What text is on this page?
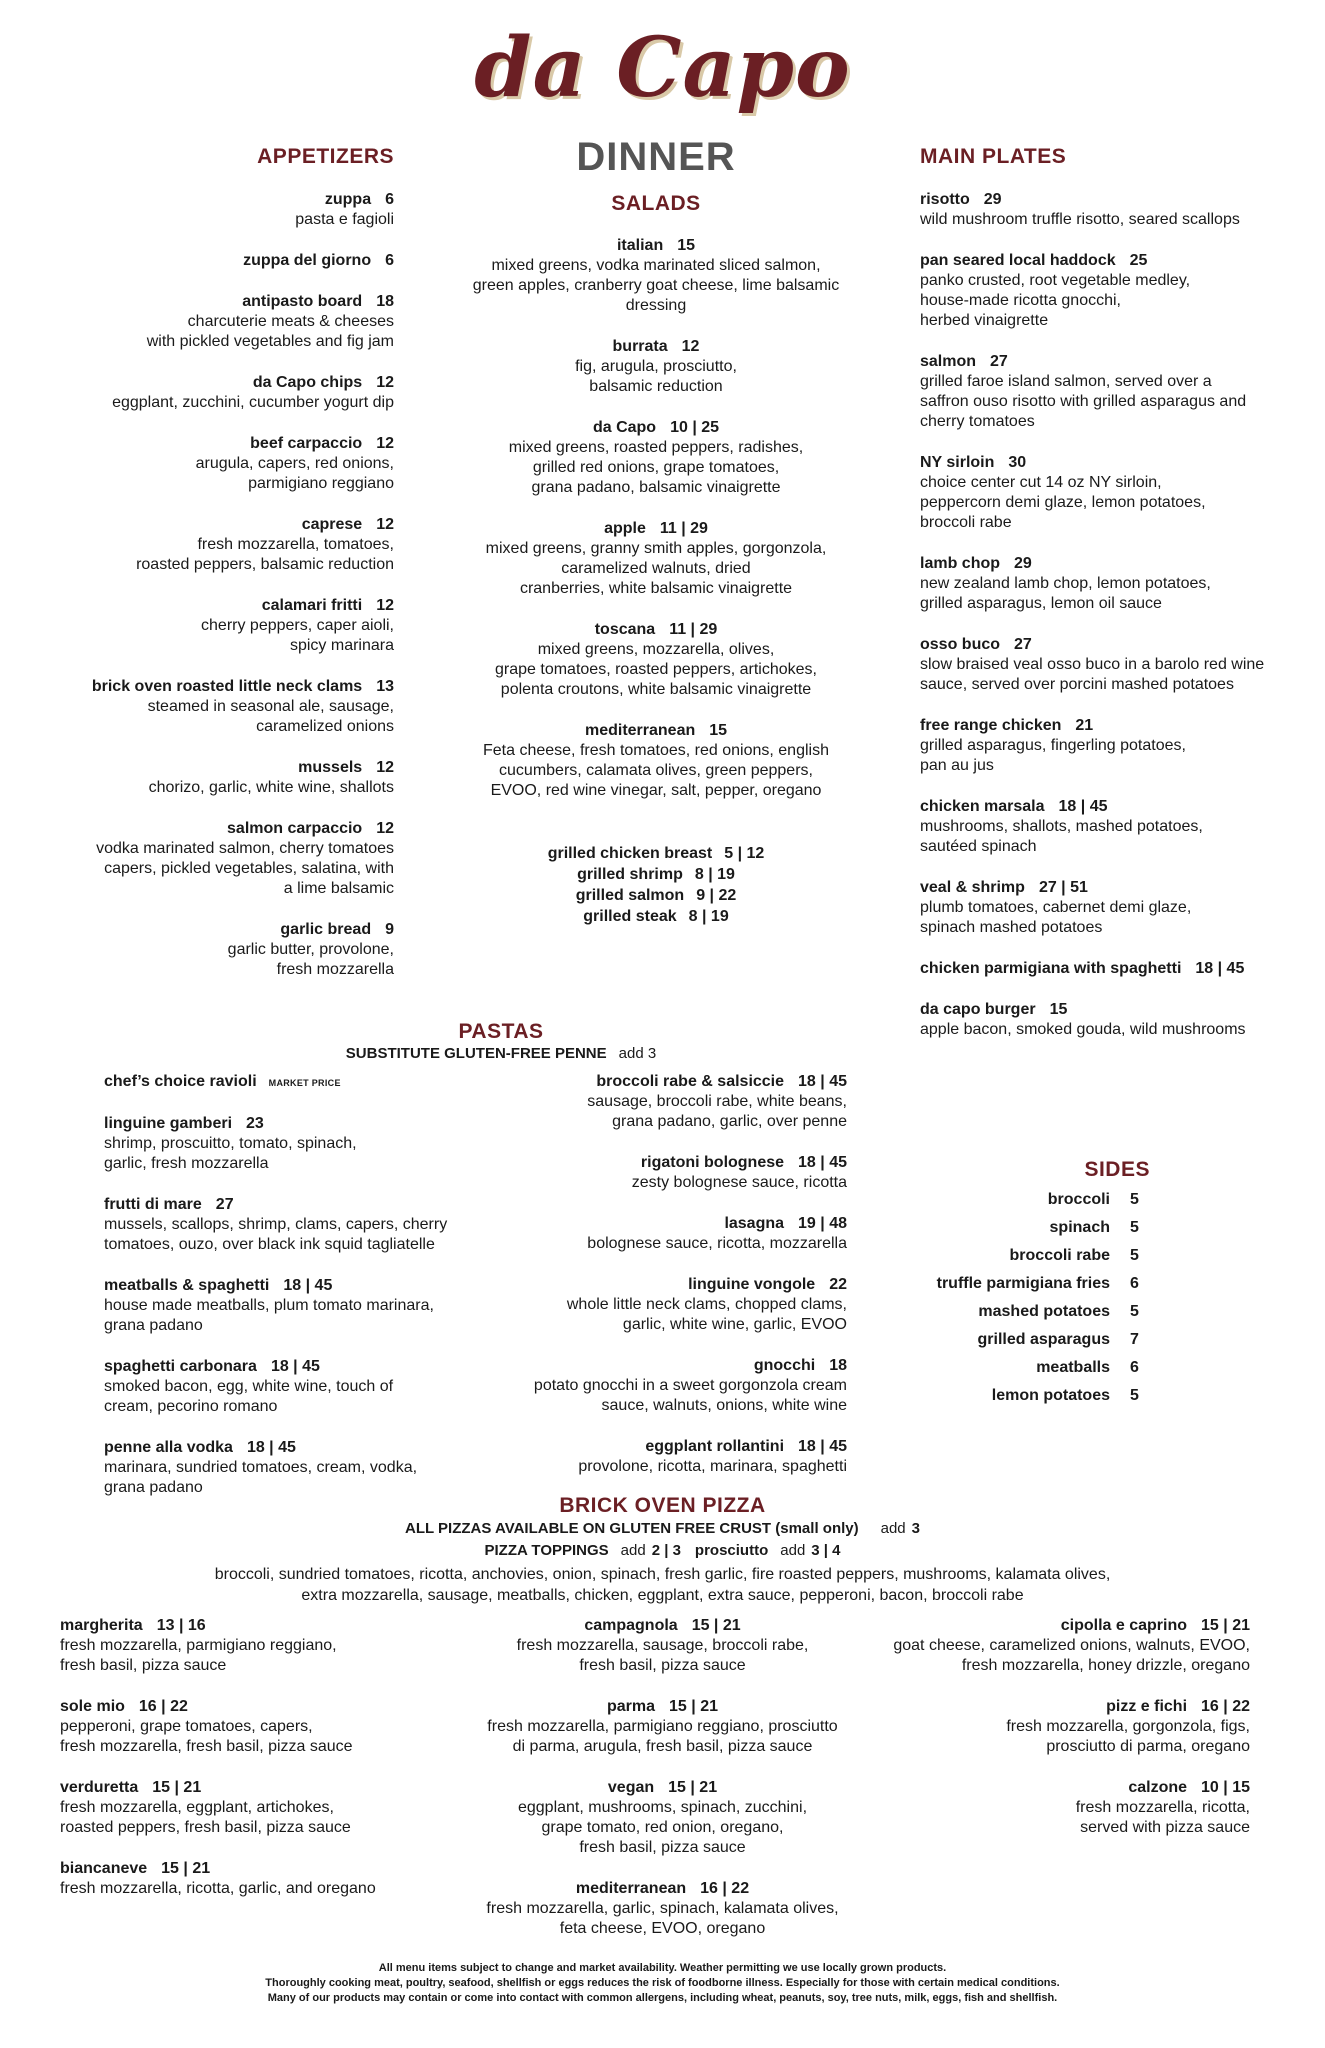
da Capo
APPETIZERS	DINNER
SALADS
MAIN PLATES
zuppa 6
pasta e fagioli
zuppa del giorno 6
antipasto board 18
charcuterie meats & cheeses
with pickled vegetables and fig jam
da Capo chips 12
eggplant, zucchini, cucumber yogurt dip
beef carpaccio 12
arugula, capers, red onions,
parmigiano reggiano
caprese 12
fresh mozzarella, tomatoes,
roasted peppers, balsamic reduction
calamari fritti 12
cherry peppers, caper aioli,
spicy marinara
brick oven roasted little neck clams 13
steamed in seasonal ale, sausage,
caramelized onions
mussels 12
chorizo, garlic, white wine, shallots
salmon carpaccio 12
vodka marinated salmon, cherry tomatoes
capers, pickled vegetables, salatina, with
a lime balsamic
garlic bread 9
garlic butter, provolone,
fresh mozzarella
italian 15
mixed greens, vodka marinated sliced salmon,
green apples, cranberry goat cheese, lime balsamic
dressing
burrata 12
fig, arugula, prosciutto,
balsamic reduction
da Capo 10 | 25
mixed greens, roasted peppers, radishes,
grilled red onions, grape tomatoes,
grana padano, balsamic vinaigrette
apple 11 | 29
mixed greens, granny smith apples, gorgonzola,
caramelized walnuts, dried
cranberries, white balsamic vinaigrette
toscana 11 | 29
mixed greens, mozzarella, olives,
grape tomatoes, roasted peppers, artichokes,
polenta croutons, white balsamic vinaigrette
mediterranean 15
Feta cheese, fresh tomatoes, red onions, english
cucumbers, calamata olives, green peppers,
EVOO, red wine vinegar, salt, pepper, oregano
grilled chicken breast 5 | 12
grilled shrimp 8 | 19
grilled salmon 9 | 22
grilled steak 8 | 19
risotto 29
wild mushroom truffle risotto, seared scallops
pan seared local haddock 25
panko crusted, root vegetable medley,
house-made ricotta gnocchi,
herbed vinaigrette
salmon 27
grilled faroe island salmon, served over a
saffron ouso risotto with grilled asparagus and
cherry tomatoes
NY sirloin 30
choice center cut 14 oz NY sirloin,
peppercorn demi glaze, lemon potatoes,
broccoli rabe
lamb chop 29
new zealand lamb chop, lemon potatoes,
grilled asparagus, lemon oil sauce
osso buco 27
slow braised veal osso buco in a barolo red wine
sauce, served over porcini mashed potatoes
free range chicken 21
grilled asparagus, fingerling potatoes,
pan au jus
chicken marsala 18 | 45
mushrooms, shallots, mashed potatoes,
sautéed spinach
veal & shrimp 27 | 51
plumb tomatoes, cabernet demi glaze,
spinach mashed potatoes
chicken parmigiana with spaghetti 18 | 45
da capo burger 15
apple bacon, smoked gouda, wild mushrooms
PASTAS
SUBSTITUTE GLUTEN-FREE PENNE add 3
chef’s choice ravioli MARKET PRICE
linguine gamberi 23
shrimp, proscuitto, tomato, spinach,
garlic, fresh mozzarella
frutti di mare 27
mussels, scallops, shrimp, clams, capers, cherry
tomatoes, ouzo, over black ink squid tagliatelle
meatballs & spaghetti 18 | 45
house made meatballs, plum tomato marinara,
grana padano
spaghetti carbonara 18 | 45
smoked bacon, egg, white wine, touch of
cream, pecorino romano
penne alla vodka 18 | 45
marinara, sundried tomatoes, cream, vodka,
grana padano
broccoli rabe & salsiccie 18 | 45
sausage, broccoli rabe, white beans,
grana padano, garlic, over penne
rigatoni bolognese 18 | 45
zesty bolognese sauce, ricotta
lasagna 19 | 48
bolognese sauce, ricotta, mozzarella
linguine vongole 22
whole little neck clams, chopped clams,
garlic, white wine, garlic, EVOO
gnocchi 18
potato gnocchi in a sweet gorgonzola cream
sauce, walnuts, onions, white wine
eggplant rollantini 18 | 45
provolone, ricotta, marinara, spaghetti
SIDES
broccoli 5
spinach 5
broccoli rabe 5
truffle parmigiana fries 6
mashed potatoes 5
grilled asparagus 7
meatballs 6
lemon potatoes 5
BRICK OVEN PIZZA
ALL PIZZAS AVAILABLE ON GLUTEN FREE CRUST (small only) add 3
PIZZA TOPPINGS add 2 | 3 prosciutto add 3 | 4
broccoli, sundried tomatoes, ricotta, anchovies, onion, spinach, fresh garlic, fire roasted peppers, mushrooms, kalamata olives,
extra mozzarella, sausage, meatballs, chicken, eggplant, extra sauce, pepperoni, bacon, broccoli rabe
margherita 13 | 16
fresh mozzarella, parmigiano reggiano,
fresh basil, pizza sauce
sole mio 16 | 22
pepperoni, grape tomatoes, capers,
fresh mozzarella, fresh basil, pizza sauce
verduretta 15 | 21
fresh mozzarella, eggplant, artichokes,
roasted peppers, fresh basil, pizza sauce
biancaneve 15 | 21
fresh mozzarella, ricotta, garlic, and oregano
campagnola 15 | 21
fresh mozzarella, sausage, broccoli rabe,
fresh basil, pizza sauce
parma 15 | 21
fresh mozzarella, parmigiano reggiano, prosciutto
di parma, arugula, fresh basil, pizza sauce
vegan 15 | 21
eggplant, mushrooms, spinach, zucchini,
grape tomato, red onion, oregano,
fresh basil, pizza sauce
mediterranean 16 | 22
fresh mozzarella, garlic, spinach, kalamata olives,
feta cheese, EVOO, oregano
cipolla e caprino 15 | 21
goat cheese, caramelized onions, walnuts, EVOO,
fresh mozzarella, honey drizzle, oregano
pizz e fichi 16 | 22
fresh mozzarella, gorgonzola, figs,
prosciutto di parma, oregano
calzone 10 | 15
fresh mozzarella, ricotta,
served with pizza sauce
All menu items subject to change and market availability. Weather permitting we use locally grown products.
Thoroughly cooking meat, poultry, seafood, shellfish or eggs reduces the risk of foodborne illness. Especially for those with certain medical conditions.
Many of our products may contain or come into contact with common allergens, including wheat, peanuts, soy, tree nuts, milk, eggs, fish and shellfish.
